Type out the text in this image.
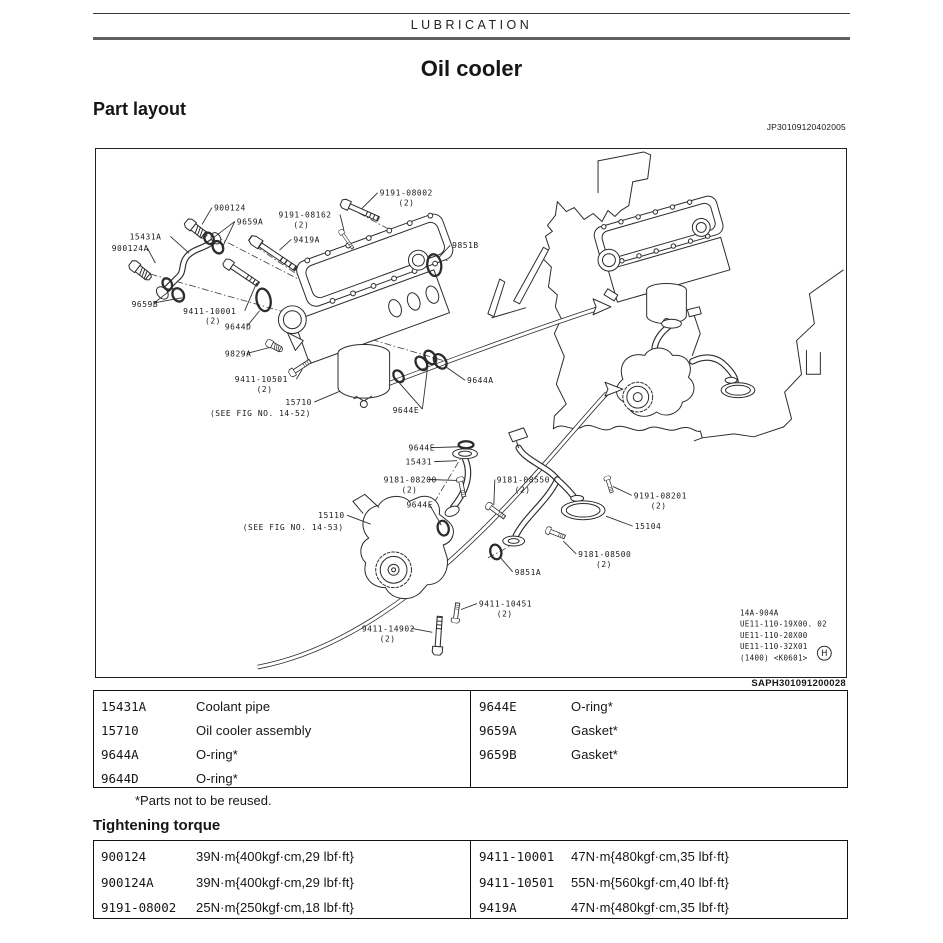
LUBRICATION
Oil cooler
Part layout
JP30109120402005
9191-08002
(2)
9191-08162
(2)
900124
9659A
15431A	9419A
900124A	9851B
9659B
9411-10001
(2)
9644D
9829A
9411-10501
(2)
15710
(SEE FIG NO. 14-52)
9644A
9644E
9644E
15431
9181-08200
(2)
9181-08550
(2)
9191-08201
(2)
9644E
15110
(SEE FIG NO. 14-53)	15104
9181-08500
(2)
9851A
9411-10451
(2)
9411-14902
(2)
14A-904A
UE11-110-19X00. 02
UE11-110-20X00
UE11-110-32X01
(1400) <K0601> H
SAPH301091200028
15431A	Coolant pipe
15710	Oil cooler assembly
9644A	O-ring*
9644D	O-ring*
9644E	O-ring*
9659A	Gasket*
9659B	Gasket*
*Parts not to be reused.
Tightening torque
900124	39N·m{400kgf·cm,29 lbf·ft}
900124A	39N·m{400kgf·cm,29 lbf·ft}
9191-08002	25N·m{250kgf·cm,18 lbf·ft}
9411-10001	47N·m{480kgf·cm,35 lbf·ft}
9411-10501	55N·m{560kgf·cm,40 lbf·ft}
9419A	47N·m{480kgf·cm,35 lbf·ft}
